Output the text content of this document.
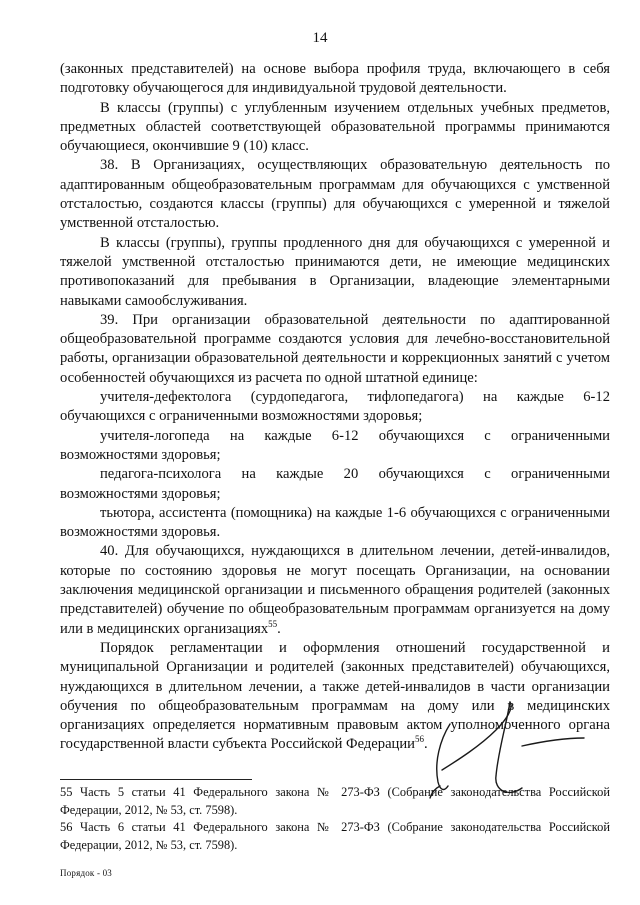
14

(законных представителей) на основе выбора профиля труда, включающего в себя подготовку обучающегося для индивидуальной трудовой деятельности.

В классы (группы) с углубленным изучением отдельных учебных предметов, предметных областей соответствующей образовательной программы принимаются обучающиеся, окончившие 9 (10) класс.

38. В Организациях, осуществляющих образовательную деятельность по адаптированным общеобразовательным программам для обучающихся с умственной отсталостью, создаются классы (группы) для обучающихся с умеренной и тяжелой умственной отсталостью.

В классы (группы), группы продленного дня для обучающихся с умеренной и тяжелой умственной отсталостью принимаются дети, не имеющие медицинских противопоказаний для пребывания в Организации, владеющие элементарными навыками самообслуживания.

39. При организации образовательной деятельности по адаптированной общеобразовательной программе создаются условия для лечебно-восстановительной работы, организации образовательной деятельности и коррекционных занятий с учетом особенностей обучающихся из расчета по одной штатной единице:

учителя-дефектолога (сурдопедагога, тифлопедагога) на каждые 6-12 обучающихся с ограниченными возможностями здоровья;

учителя-логопеда на каждые 6-12 обучающихся с ограниченными возможностями здоровья;

педагога-психолога на каждые 20 обучающихся с ограниченными возможностями здоровья;

тьютора, ассистента (помощника) на каждые 1-6 обучающихся с ограниченными возможностями здоровья.

40. Для обучающихся, нуждающихся в длительном лечении, детей-инвалидов, которые по состоянию здоровья не могут посещать Организации, на основании заключения медицинской организации и письменного обращения родителей (законных представителей) обучение по общеобразовательным программам организуется на дому или в медицинских организациях$^{55}$.

Порядок регламентации и оформления отношений государственной и муниципальной Организации и родителей (законных представителей) обучающихся, нуждающихся в длительном лечении, а также детей-инвалидов в части организации обучения по общеобразовательным программам на дому или в медицинских организациях определяется нормативным правовым актом уполномоченного органа государственной власти субъекта Российской Федерации$^{56}$.

55 Часть 5 статьи 41 Федерального закона № 273-ФЗ (Собрание законодательства Российской Федерации, 2012, № 53, ст. 7598).

56 Часть 6 статьи 41 Федерального закона № 273-ФЗ (Собрание законодательства Российской Федерации, 2012, № 53, ст. 7598).

Порядок - 03
